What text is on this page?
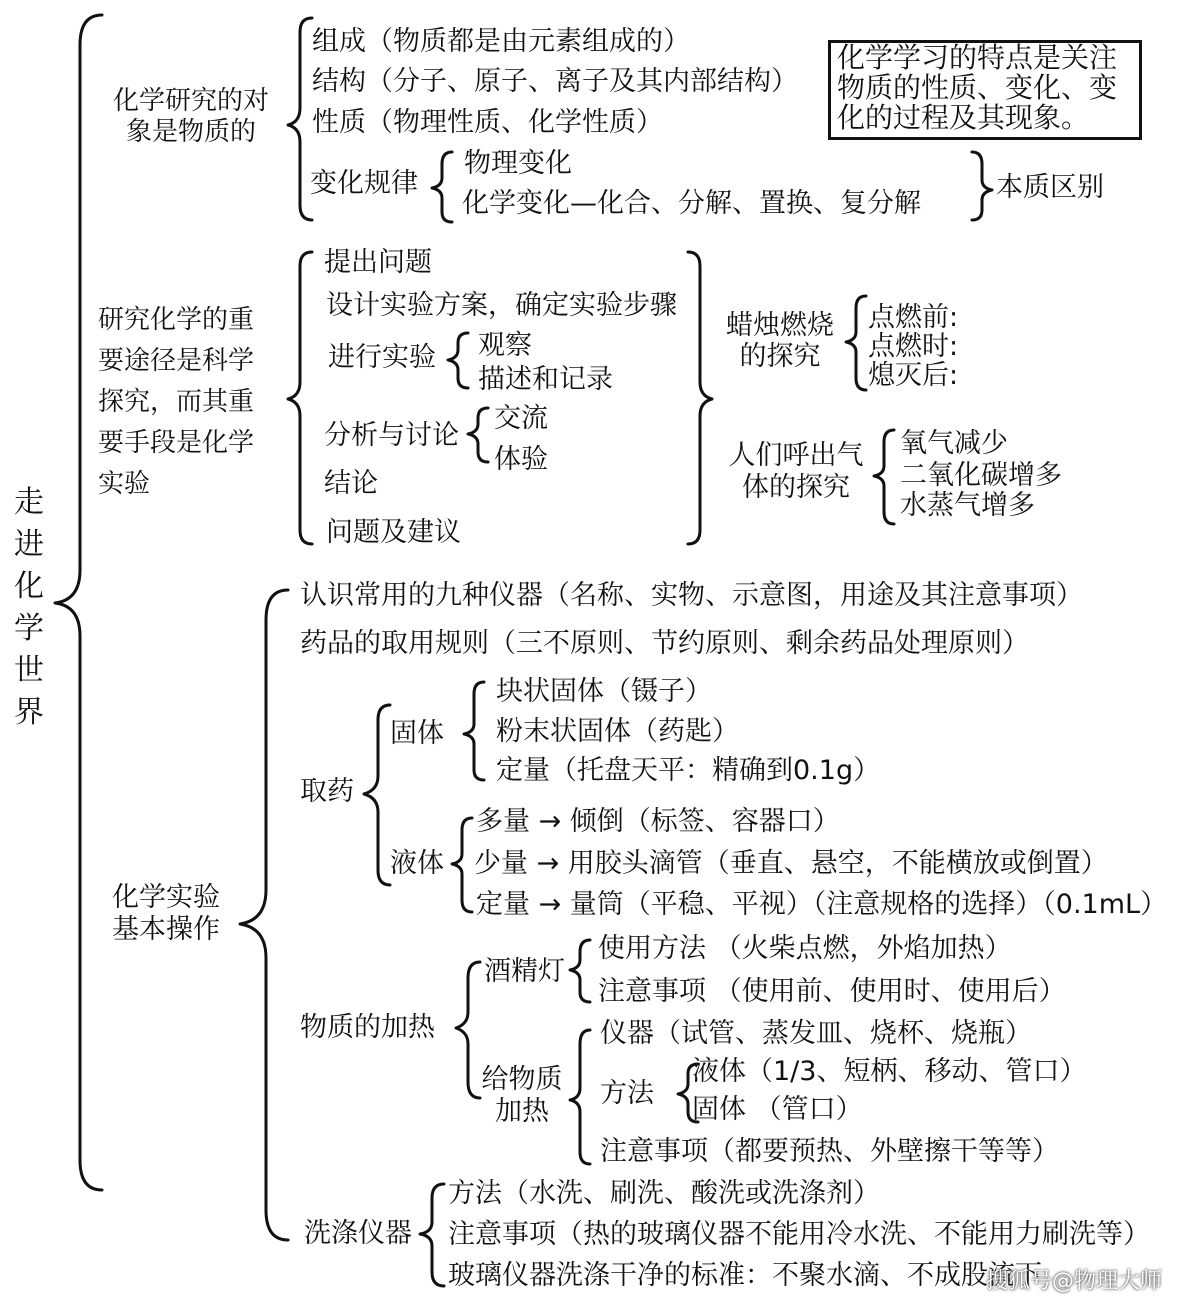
走进化学世界
化学研究的对象是物质的
组成（物质都是由元素组成的）
结构（分子、原子、离子及其内部结构）
性质（物理性质、化学性质）
变化规律
物理变化
化学变化—化合、分解、置换、复分解
本质区别
化学学习的特点是关注物质的性质、变化、变化的过程及其现象。
研究化学的重要途径是科学探究，而其重要手段是化学实验
提出问题
设计实验方案，确定实验步骤
进行实验 观察
描述和记录
分析与讨论
交流
体验
结论
问题及建议
蜡烛燃烧的探究
点燃前:
点燃时:
熄灭后:
人们呼出气体的探究
氧气减少
二氧化碳增多
水蒸气增多
化学实验基本操作
认识常用的九种仪器（名称、实物、示意图，用途及其注意事项）
药品的取用规则（三不原则、节约原则、剩余药品处理原则）
取药
固体
块状固体（镊子）
粉末状固体（药匙）
定量（托盘天平：精确到0.1g）
液体
多量 → 倾倒（标签、容器口）
少量 → 用胶头滴管（垂直、悬空，不能横放或倒置）
定量 → 量筒（平稳、平视）（注意规格的选择）（0.1mL）
物质的加热
酒精灯
使用方法 （火柴点燃，外焰加热）
注意事项 （使用前、使用时、使用后）
给物质加热
仪器（试管、蒸发皿、烧杯、烧瓶）
方法
液体（1/3、短柄、移动、管口）
固体 （管口）
注意事项（都要预热、外壁擦干等等）
洗涤仪器
方法（水洗、刷洗、酸洗或洗涤剂）
注意事项（热的玻璃仪器不能用冷水洗、不能用力刷洗等）
玻璃仪器洗涤干净的标准：不聚水滴、不成股流下
搜狐号@物理大师
